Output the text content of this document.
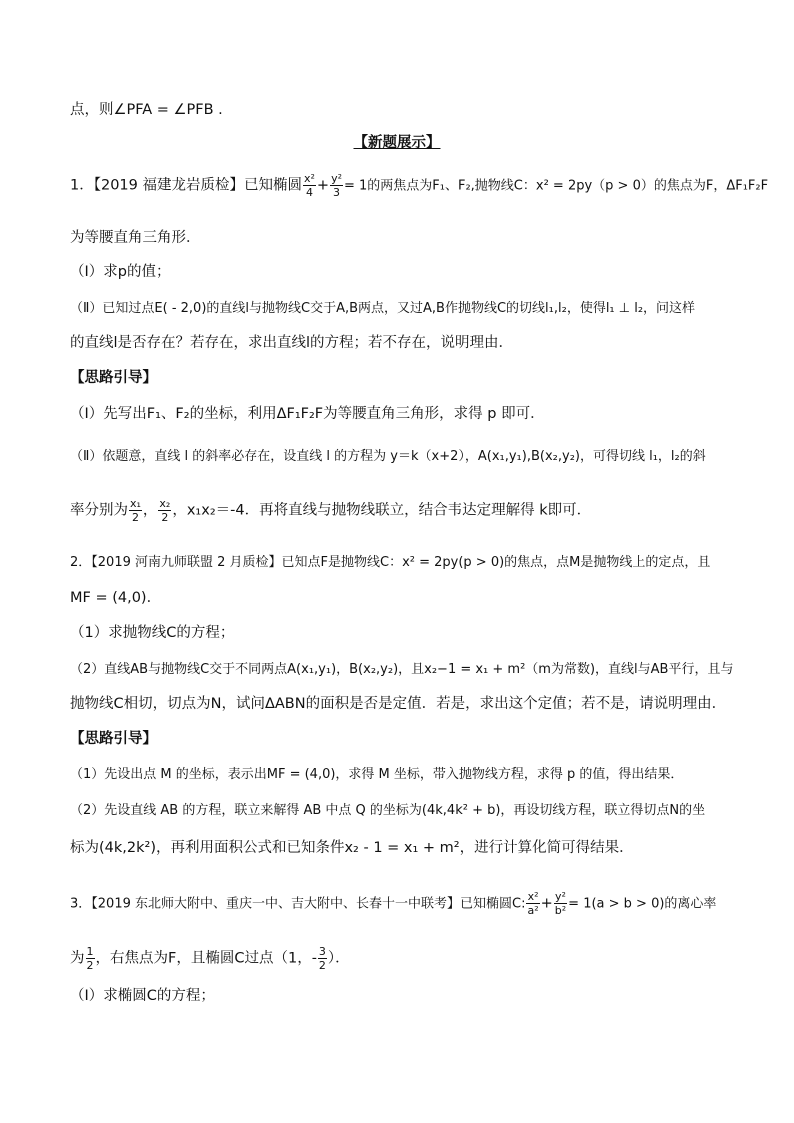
点，则∠PFA = ∠PFB .
【新题展示】
1．【2019 福建龙岩质检】已知椭圆 $\frac{\text{x²}}{4} + \frac{\text{y²}}{3} = 1$的两焦点为F₁、F₂,抛物线C：x² = 2py（p > 0）的焦点为F，ΔF₁F₂F
为等腰直角三角形．
（Ⅰ）求p的值；
（Ⅱ）已知过点E( - 2,0)的直线l与抛物线C交于A,B两点，又过A,B作抛物线C的切线l₁,l₂，使得l₁ ⊥ l₂，问这样
的直线l是否存在？若存在，求出直线l的方程；若不存在，说明理由．
【思路引导】
（Ⅰ）先写出F₁、F₂的坐标，利用ΔF₁F₂F为等腰直角三角形，求得 p 即可．
（Ⅱ）依题意，直线 l 的斜率必存在，设直线 l 的方程为 y＝k（x+2），A(x₁,y₁),B(x₂,y₂)，可得切线 l₁，l₂的斜
率分别为 $\frac{\text{x₁}}{2}$ ， $\frac{\text{x₂}}{2}$ ，x₁x₂＝-4．再将直线与抛物线联立，结合韦达定理解得 k即可．
2．【2019 河南九师联盟 2 月质检】已知点F是抛物线C：x² = 2py(p > 0)的焦点，点M是抛物线上的定点，且
MF = (4,0)．
（1）求抛物线C的方程；
（2）直线AB与抛物线C交于不同两点A(x₁,y₁)，B(x₂,y₂)，且x₂−1 = x₁ + m²（m为常数)，直线l与AB平行，且与
抛物线C相切，切点为N，试问ΔABN的面积是否是定值．若是，求出这个定值；若不是，请说明理由．
【思路引导】
（1）先设出点 M 的坐标，表示出MF = (4,0)，求得 M 坐标，带入抛物线方程，求得 p 的值，得出结果．
（2）先设直线 AB 的方程，联立来解得 AB 中点 Q 的坐标为(4k,4k² + b)，再设切线方程，联立得切点N的坐
标为(4k,2k²)，再利用面积公式和已知条件x₂ - 1 = x₁ + m²，进行计算化简可得结果．
3．【2019 东北师大附中、重庆一中、吉大附中、长春十一中联考】已知椭圆C: $\frac{\text{x²}}{\text{a²}} + \frac{\text{y²}}{\text{b²}} = 1(a > b > 0)$的离心率
为 $\frac{1}{2}$ ，右焦点为F，且椭圆C过点（1，- $\frac{3}{2}$ ）．
（I）求椭圆C的方程；
